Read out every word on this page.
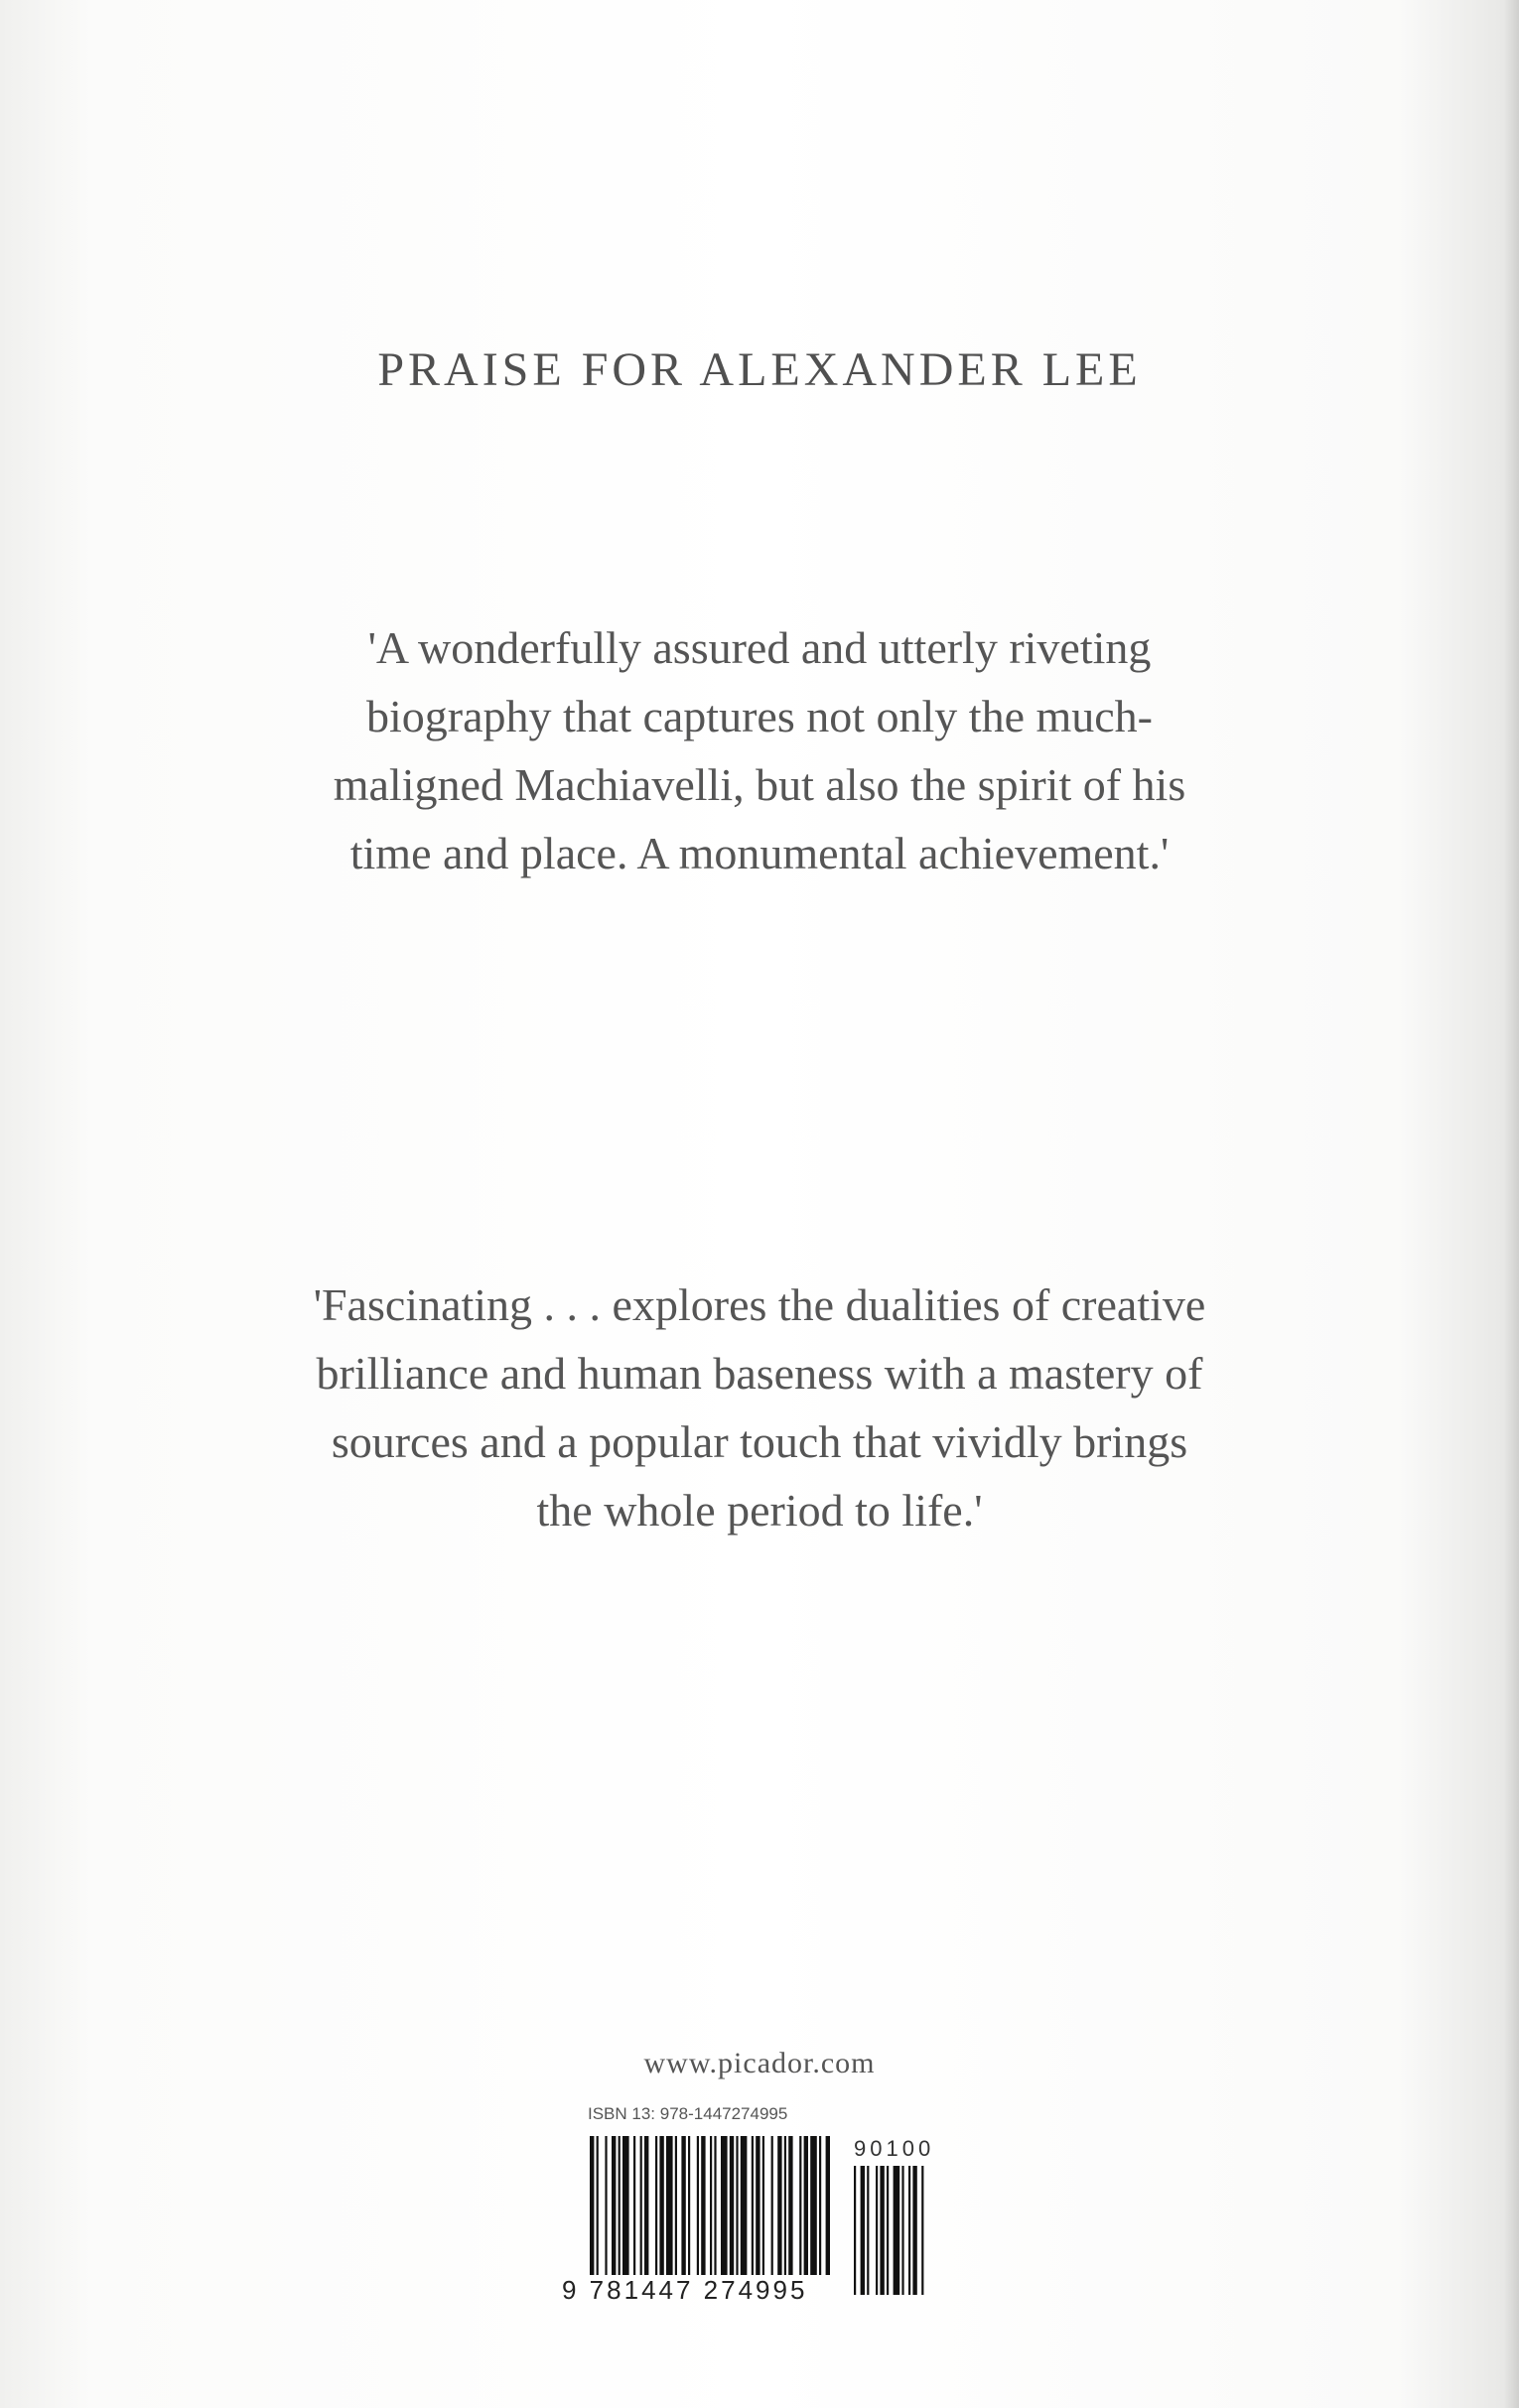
PRAISE FOR ALEXANDER LEE

'A wonderfully assured and utterly riveting biography that captures not only the much-maligned Machiavelli, but also the spirit of his time and place. A monumental achievement.'

'Fascinating . . . explores the dualities of creative brilliance and human baseness with a mastery of sources and a popular touch that vividly brings the whole period to life.'

www.picador.com
ISBN 13: 978-1447274995
90100
9 781447 274995
